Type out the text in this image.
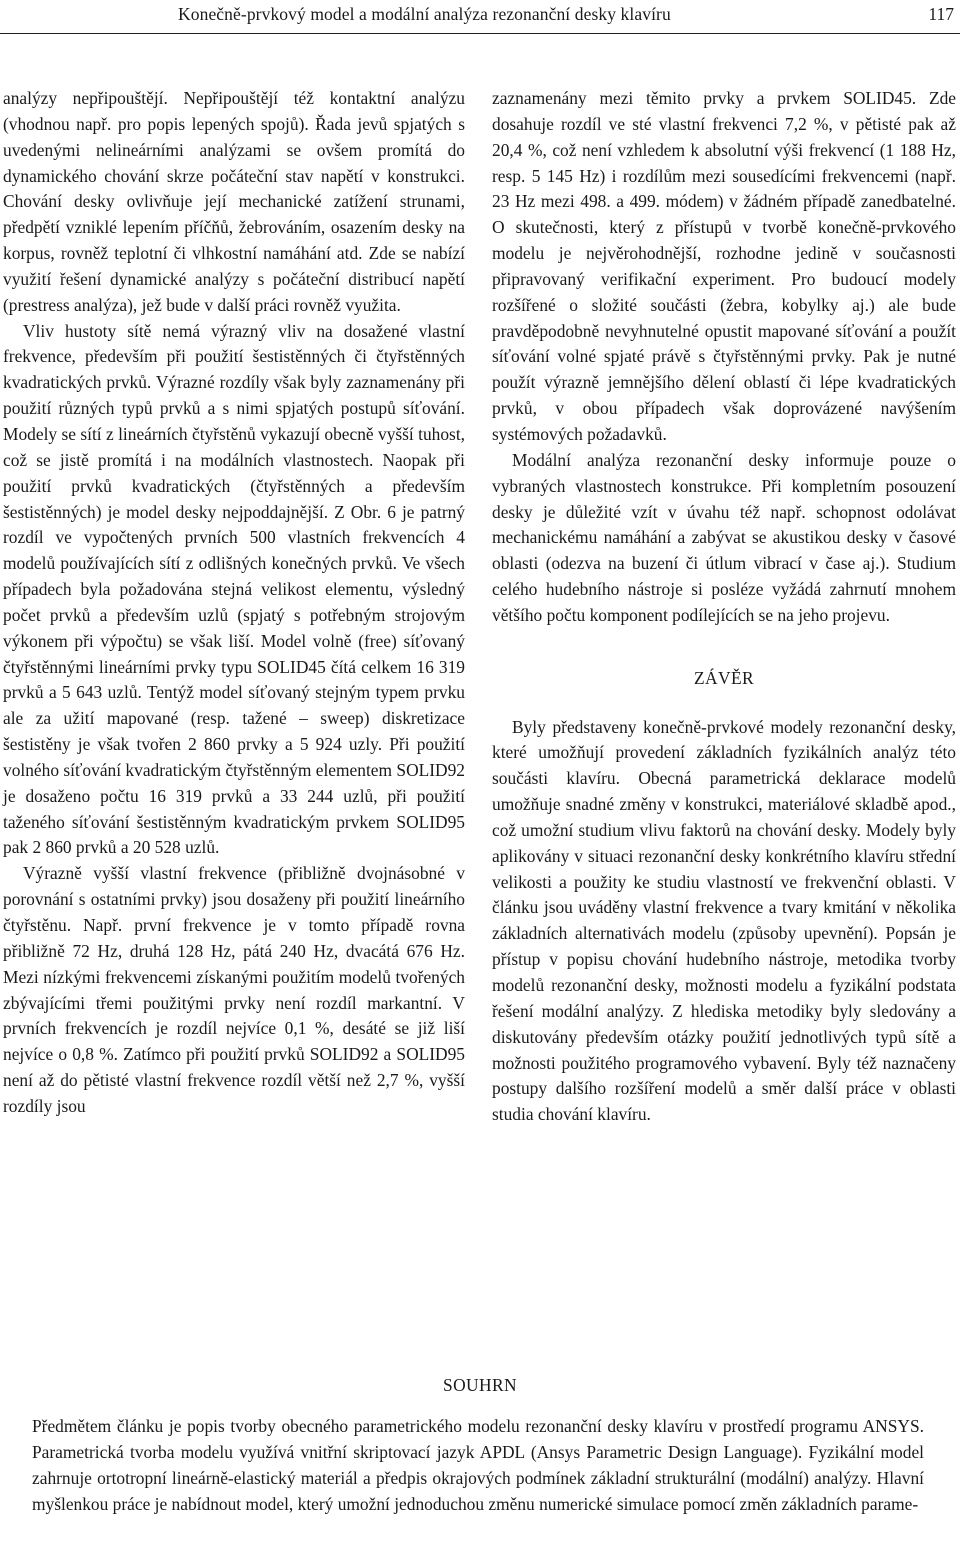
Konečně-prvkový model a modální analýza rezonanční desky klavíru	117

analýzy nepřipouštějí. Nepřipouštějí též kontaktní analýzu (vhodnou např. pro popis lepených spojů). Řada jevů spjatých s uvedenými nelineárními analýzami se ovšem promítá do dynamického chování skrze počáteční stav napětí v konstrukci. Chování desky ovlivňuje její mechanické zatížení strunami, předpětí vzniklé lepením příčňů, žebrováním, osazením desky na korpus, rovněž teplotní či vlhkostní namáhání atd. Zde se nabízí využití řešení dynamické analýzy s počáteční distribucí napětí (prestress analýza), jež bude v další práci rovněž využita.

Vliv hustoty sítě nemá výrazný vliv na dosažené vlastní frekvence, především při použití šestistěnných či čtyřstěnných kvadratických prvků. Výrazné rozdíly však byly zaznamenány při použití různých typů prvků a s nimi spjatých postupů síťování. Modely se sítí z lineárních čtyřstěnů vykazují obecně vyšší tuhost, což se jistě promítá i na modálních vlastnostech. Naopak při použití prvků kvadratických (čtyřstěnných a především šestistěnných) je model desky nejpoddajnější. Z Obr. 6 je patrný rozdíl ve vypočtených prvních 500 vlastních frekvencích 4 modelů používajících sítí z odlišných konečných prvků. Ve všech případech byla požadována stejná velikost elementu, výsledný počet prvků a především uzlů (spjatý s potřebným strojovým výkonem při výpočtu) se však liší. Model volně (free) síťovaný čtyřstěnnými lineárními prvky typu SOLID45 čítá celkem 16 319 prvků a 5 643 uzlů. Tentýž model síťovaný stejným typem prvku ale za užití mapované (resp. tažené – sweep) diskretizace šestistěny je však tvořen 2 860 prvky a 5 924 uzly. Při použití volného síťování kvadratickým čtyřstěnným elementem SOLID92 je dosaženo počtu 16 319 prvků a 33 244 uzlů, při použití taženého síťování šestistěnným kvadratickým prvkem SOLID95 pak 2 860 prvků a 20 528 uzlů.

Výrazně vyšší vlastní frekvence (přibližně dvojnásobné v porovnání s ostatními prvky) jsou dosaženy při použití lineárního čtyřstěnu. Např. první frekvence je v tomto případě rovna přibližně 72 Hz, druhá 128 Hz, pátá 240 Hz, dvacátá 676 Hz. Mezi nízkými frekvencemi získanými použitím modelů tvořených zbývajícími třemi použitými prvky není rozdíl markantní. V prvních frekvencích je rozdíl nejvíce 0,1 %, desáté se již liší nejvíce o 0,8 %. Zatímco při použití prvků SOLID92 a SOLID95 není až do pětisté vlastní frekvence rozdíl větší než 2,7 %, vyšší rozdíly jsou

zaznamenány mezi těmito prvky a prvkem SOLID45. Zde dosahuje rozdíl ve sté vlastní frekvenci 7,2 %, v pětisté pak až 20,4 %, což není vzhledem k absolutní výši frekvencí (1 188 Hz, resp. 5 145 Hz) i rozdílům mezi sousedícími frekvencemi (např. 23 Hz mezi 498. a 499. módem) v žádném případě zanedbatelné. O skutečnosti, který z přístupů v tvorbě konečně-prvkového modelu je nejvěrohodnější, rozhodne jedině v současnosti připravovaný verifikační experiment. Pro budoucí modely rozšířené o složité součásti (žebra, kobylky aj.) ale bude pravděpodobně nevyhnutelné opustit mapované síťování a použít síťování volné spjaté právě s čtyřstěnnými prvky. Pak je nutné použít výrazně jemnějšího dělení oblastí či lépe kvadratických prvků, v obou případech však doprovázené navýšením systémových požadavků.

Modální analýza rezonanční desky informuje pouze o vybraných vlastnostech konstrukce. Při kompletním posouzení desky je důležité vzít v úvahu též např. schopnost odolávat mechanickému namáhání a zabývat se akustikou desky v časové oblasti (odezva na buzení či útlum vibrací v čase aj.). Studium celého hudebního nástroje si posléze vyžádá zahrnutí mnohem většího počtu komponent podílejících se na jeho projevu.

ZÁVĚR

Byly představeny konečně-prvkové modely rezonanční desky, které umožňují provedení základních fyzikálních analýz této součásti klavíru. Obecná parametrická deklarace modelů umožňuje snadné změny v konstrukci, materiálové skladbě apod., což umožní studium vlivu faktorů na chování desky. Modely byly aplikovány v situaci rezonanční desky konkrétního klavíru střední velikosti a použity ke studiu vlastností ve frekvenční oblasti. V článku jsou uváděny vlastní frekvence a tvary kmitání v několika základních alternativách modelu (způsoby upevnění). Popsán je přístup v popisu chování hudebního nástroje, metodika tvorby modelů rezonanční desky, možnosti modelu a fyzikální podstata řešení modální analýzy. Z hlediska metodiky byly sledovány a diskutovány především otázky použití jednotlivých typů sítě a možnosti použitého programového vybavení. Byly též naznačeny postupy dalšího rozšíření modelů a směr další práce v oblasti studia chování klavíru.

SOUHRN

Předmětem článku je popis tvorby obecného parametrického modelu rezonanční desky klavíru v prostředí programu ANSYS. Parametrická tvorba modelu využívá vnitřní skriptovací jazyk APDL (Ansys Parametric Design Language). Fyzikální model zahrnuje ortotropní lineárně-elastický materiál a předpis okrajových podmínek základní strukturální (modální) analýzy. Hlavní myšlenkou práce je nabídnout model, který umožní jednoduchou změnu numerické simulace pomocí změn základních parame-
